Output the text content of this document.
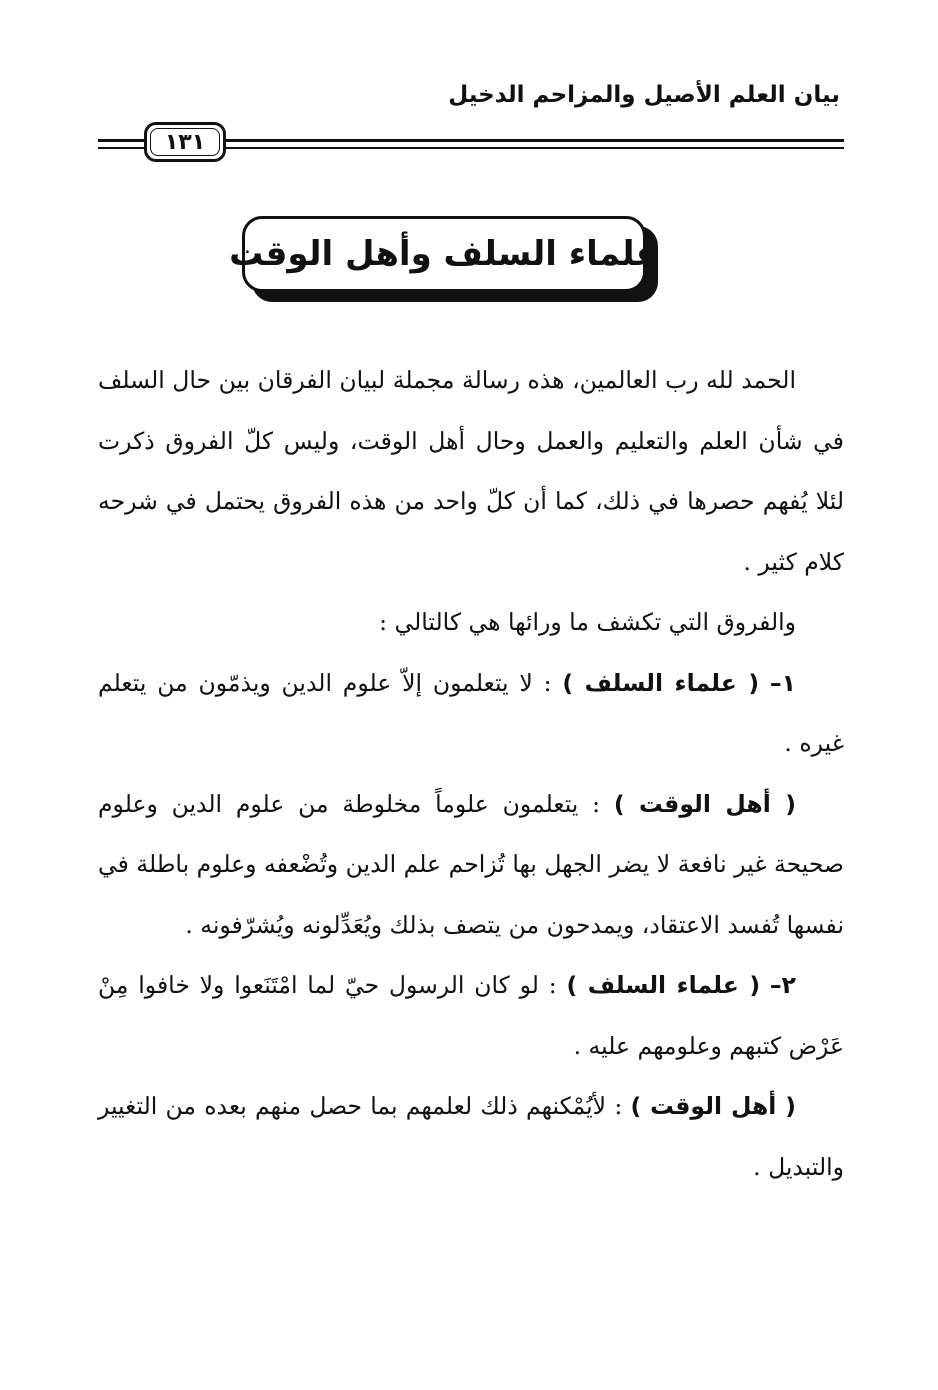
بيان العلم الأصيل والمزاحم الدخيل
١٣١
علماء السلف وأهل الوقت

الحمد لله رب العالمين، هذه رسالة مجملة لبيان الفرقان بين حال السلف في شأن العلم والتعليم والعمل وحال أهل الوقت، وليس كلّ الفروق ذكرت لئلا يُفهم حصرها في ذلك، كما أن كلّ واحد من هذه الفروق يحتمل في شرحه كلام كثير .

والفروق التي تكشف ما ورائها هي كالتالي :

١– ( علماء السلف ) : لا يتعلمون إلاّ علوم الدين ويذمّون من يتعلم غيره .

( أهل الوقت ) : يتعلمون علوماً مخلوطة من علوم الدين وعلوم صحيحة غير نافعة لا يضر الجهل بها تُزاحم علم الدين وتُضْعفه وعلوم باطلة في نفسها تُفسد الاعتقاد، ويمدحون من يتصف بذلك ويُعَدِّلونه ويُشرّفونه .

٢– ( علماء السلف ) : لو كان الرسول حيّ لما امْتَنَعوا ولا خافوا مِنْ عَرْض كتبهم وعلومهم عليه .

( أهل الوقت ) : لأيُمْكنهم ذلك لعلمهم بما حصل منهم بعده من التغيير والتبديل .
